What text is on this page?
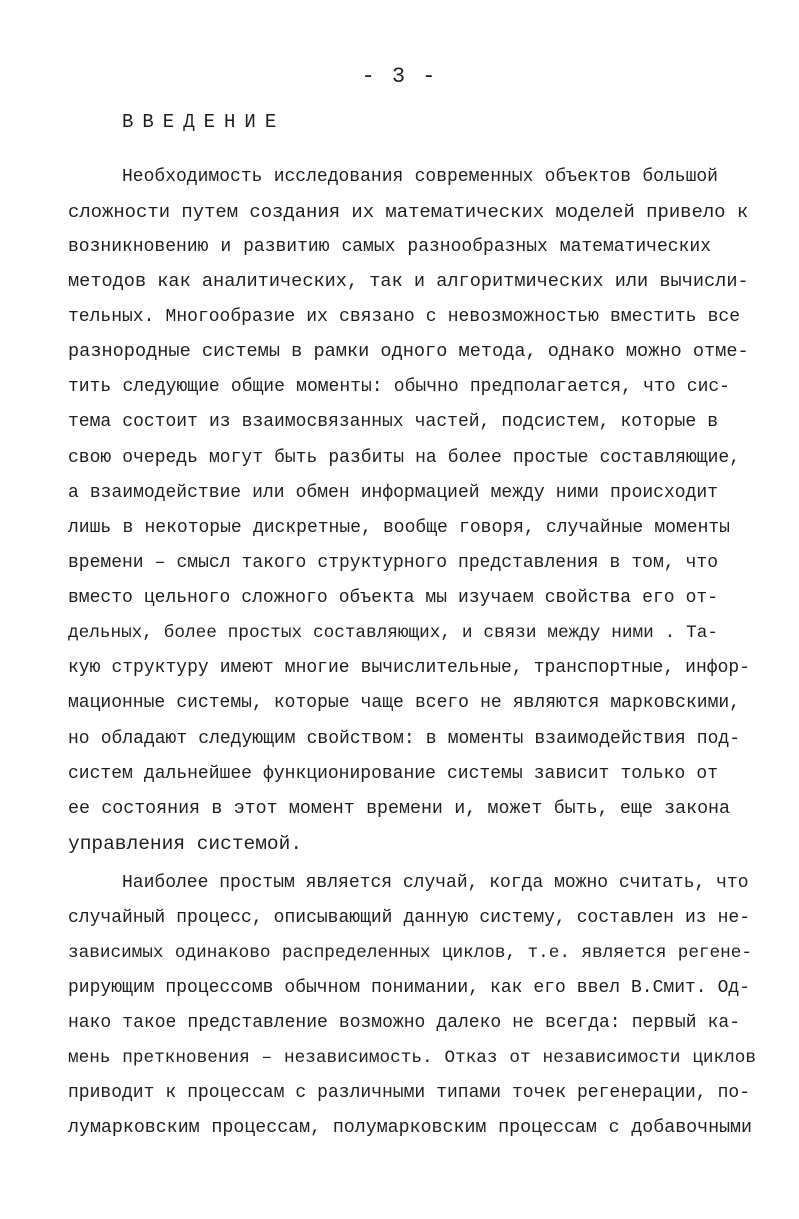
- 3 -
ВВЕДЕНИЕ
Необходимость исследования современных объектов большой
сложности путем создания их математических моделей привело к
возникновению и развитию самых разнообразных математических
методов как аналитических, так и алгоритмических или вычисли-
тельных. Многообразие их связано с невозможностью вместить все
разнородные системы в рамки одного метода, однако можно отме-
тить следующие общие моменты: обычно предполагается, что сис-
тема состоит из взаимосвязанных частей, подсистем, которые в
свою очередь могут быть разбиты на более простые составляющие,
а взаимодействие или обмен информацией между ними происходит
лишь в некоторые дискретные, вообще говоря, случайные моменты
времени – смысл такого структурного представления в том, что
вместо цельного сложного объекта мы изучаем свойства его от-
дельных, более простых составляющих, и связи между ними . Та-
кую структуру имеют многие вычислительные, транспортные, инфор-
мационные системы, которые чаще всего не являются марковскими,
но обладают следующим свойством: в моменты взаимодействия под-
систем дальнейшее функционирование системы зависит только от
ее состояния в этот момент времени и, может быть, еще закона
управления системой.
Наиболее простым является случай, когда можно считать, что
случайный процесс, описывающий данную систему, составлен из не-
зависимых одинаково распределенных циклов, т.е. является регене-
рирующим процессомв обычном понимании, как его ввел В.Смит. Од-
нако такое представление возможно далеко не всегда: первый ка-
мень преткновения – независимость. Отказ от независимости циклов
приводит к процессам с различными типами точек регенерации, по-
лумарковским процессам, полумарковским процессам с добавочными
